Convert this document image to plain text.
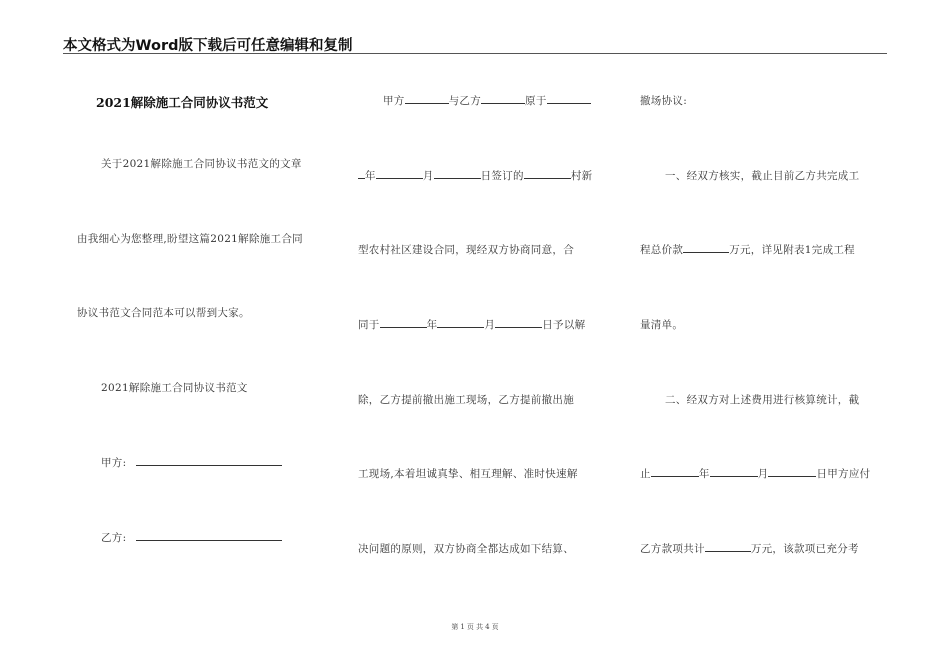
本文格式为Word版下载后可任意编辑和复制
2021解除施工合同协议书范文
关于2021解除施工合同协议书范文的文章
由我细心为您整理,盼望这篇2021解除施工合同
协议书范文合同范本可以帮到大家。
2021解除施工合同协议书范文
甲方:
乙方:
甲方	与乙方	原于
年	月	日签订的	村新
型农村社区建设合同，现经双方协商同意，合
同于	年	月	日予以解
除，乙方提前撤出施工现场，乙方提前撤出施
工现场,本着坦诚真挚、相互理解、准时快速解
决问题的原则，双方协商全都达成如下结算、
撤场协议:
一、经双方核实，截止目前乙方共完成工
程总价款	万元，详见附表1完成工程
量清单。
二、经双方对上述费用进行核算统计，截
止	年	月	日甲方应付
乙方款项共计	万元，该款项已充分考
第 1 页 共 4 页
